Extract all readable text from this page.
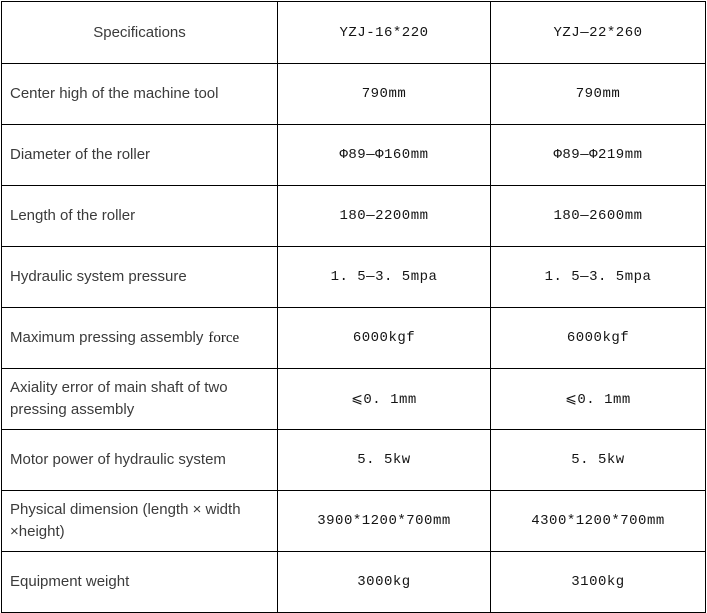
Specifications	YZJ-16*220	YZJ—22*260
Center high of the machine tool	790mm	790mm
Diameter of the roller	Φ89—Φ160mm	Φ89—Φ219mm
Length of the roller	180—2200mm	180—2600mm
Hydraulic system pressure	1. 5—3. 5mpa	1. 5—3. 5mpa
Maximum pressing assembly force	6000kgf	6000kgf
Axiality error of main shaft of two pressing assembly	⩽0. 1mm	⩽0. 1mm
Motor power of hydraulic system	5. 5kw	5. 5kw
Physical dimension (length × width ×height)	3900*1200*700mm	4300*1200*700mm
Equipment weight	3000kg	3100kg
